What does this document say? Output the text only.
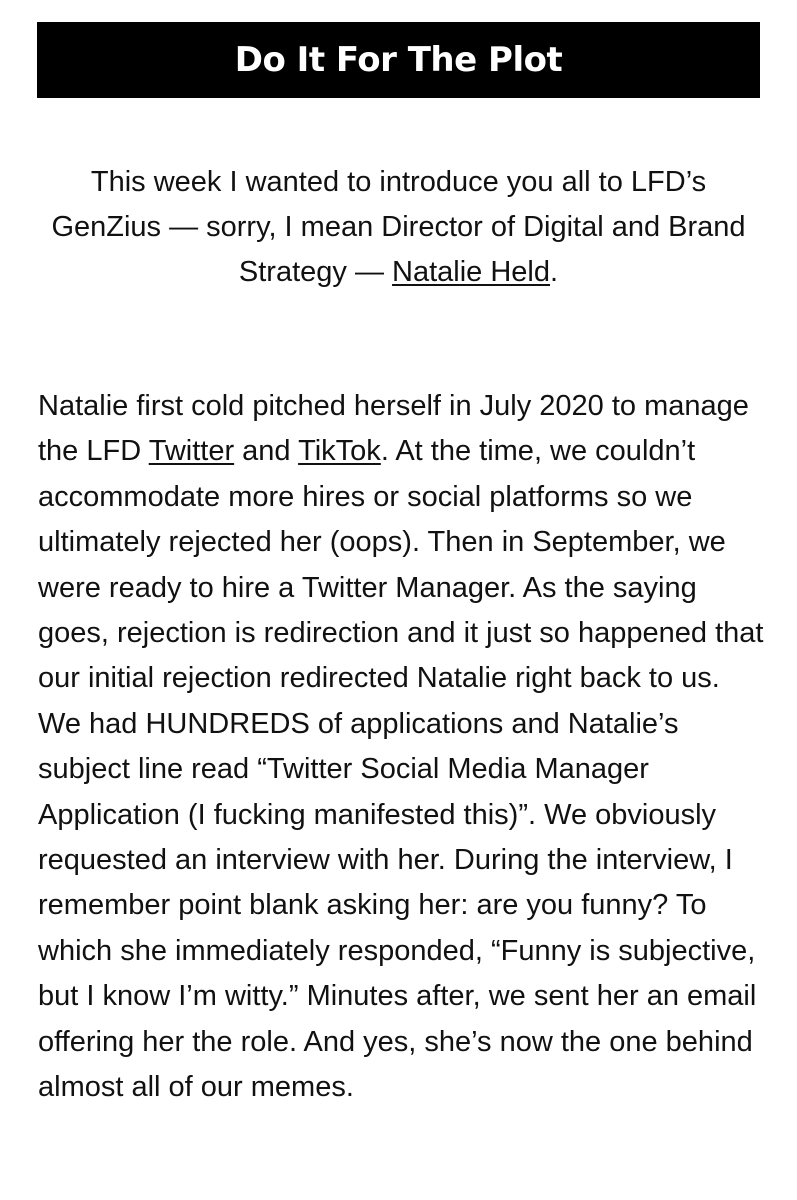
Do It For The Plot

This week I wanted to introduce you all to LFD’s GenZius — sorry, I mean Director of Digital and Brand Strategy — Natalie Held.

Natalie first cold pitched herself in July 2020 to manage the LFD Twitter and TikTok. At the time, we couldn’t accommodate more hires or social platforms so we ultimately rejected her (oops). Then in September, we were ready to hire a Twitter Manager. As the saying goes, rejection is redirection and it just so happened that our initial rejection redirected Natalie right back to us. We had HUNDREDS of applications and Natalie’s subject line read “Twitter Social Media Manager Application (I fucking manifested this)”. We obviously requested an interview with her. During the interview, I remember point blank asking her: are you funny? To which she immediately responded, “Funny is subjective, but I know I’m witty.” Minutes after, we sent her an email offering her the role. And yes, she’s now the one behind almost all of our memes.
